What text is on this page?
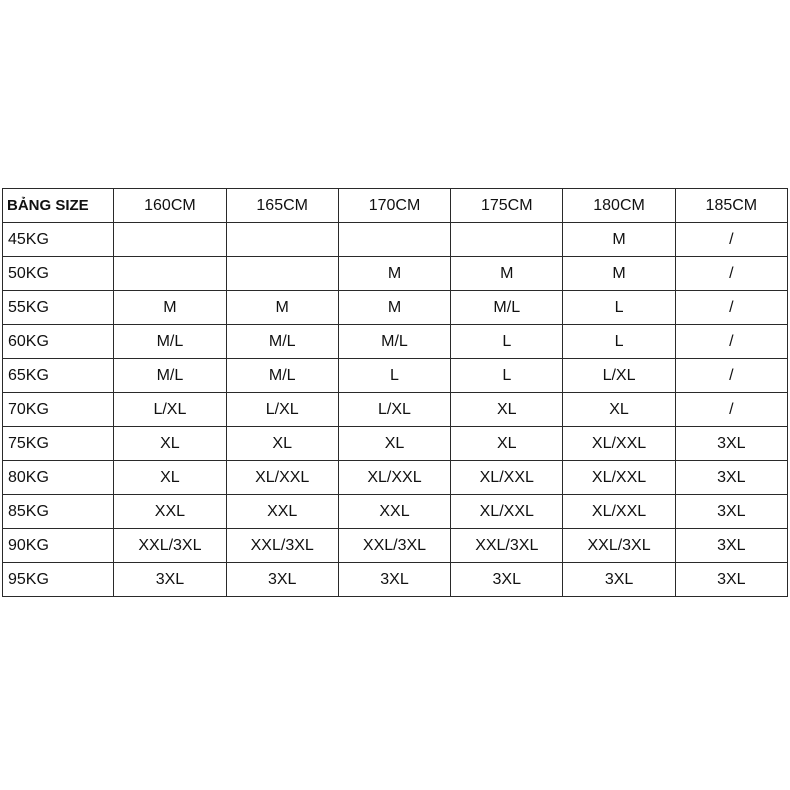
BẢNG SIZE	160CM	165CM	170CM	175CM	180CM	185CM
45KG					M	/
50KG			M	M	M	/
55KG	M	M	M	M/L	L	/
60KG	M/L	M/L	M/L	L	L	/
65KG	M/L	M/L	L	L	L/XL	/
70KG	L/XL	L/XL	L/XL	XL	XL	/
75KG	XL	XL	XL	XL	XL/XXL	3XL
80KG	XL	XL/XXL	XL/XXL	XL/XXL	XL/XXL	3XL
85KG	XXL	XXL	XXL	XL/XXL	XL/XXL	3XL
90KG	XXL/3XL	XXL/3XL	XXL/3XL	XXL/3XL	XXL/3XL	3XL
95KG	3XL	3XL	3XL	3XL	3XL	3XL
